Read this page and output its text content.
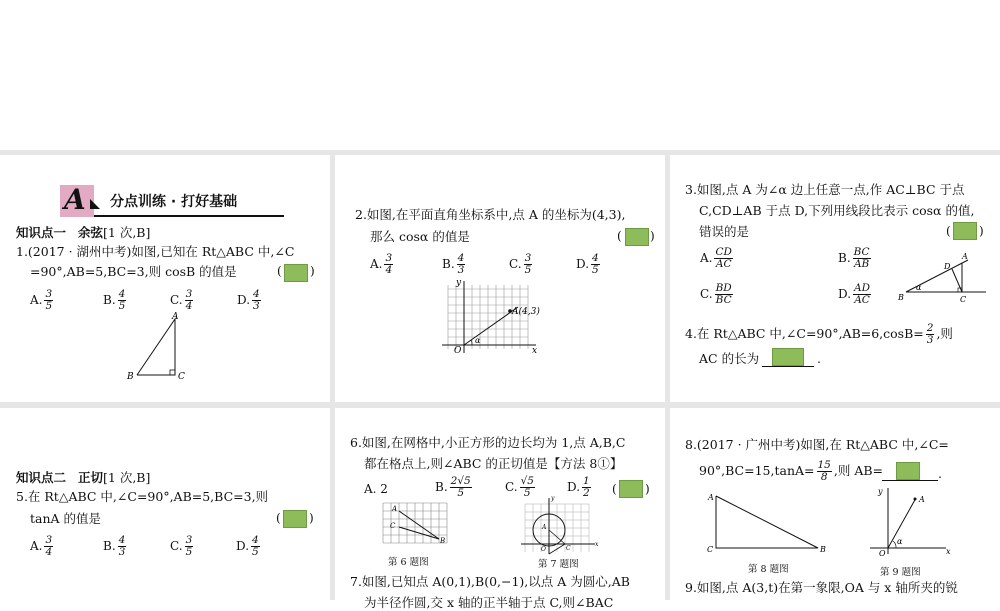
A 分点训练 · 打好基础
知识点一 余弦[1 次,B]
1.(2017 · 湖州中考)如图,已知在 Rt△ABC 中,∠C
=90°,AB=5,BC=3,则 cosB 的值是	( )
A. $\frac{3}{5}$	B. $\frac{4}{5}$	C. $\frac{3}{4}$	D. $\frac{4}{3}$
A
B	C
2.如图,在平面直角坐标系中,点 A 的坐标为(4,3),
那么 cosα 的值是	( )
A. $\frac{3}{4}$	B. $\frac{4}{3}$	C. $\frac{3}{5}$	D. $\frac{4}{5}$
A(4,3)
x
y
O
α
3.如图,点 A 为∠α 边上任意一点,作 AC⊥BC 于点
C,CD⊥AB 于点 D,下列用线段比表示 cosα 的值,
错误的是	( )
A. $\frac{CD}{AC}$	B. $\frac{BC}{AB}$
C. $\frac{BD}{BC}$	D. $\frac{AD}{AC}$
A
D
B	C
α
4.在 Rt△ABC 中,∠C=90°,AB=6,cosB= $\frac{2}{3}$ ,则
AC 的长为	.
知识点二 正切[1 次,B]
5.在 Rt△ABC 中,∠C=90°,AB=5,BC=3,则
tanA 的值是	( )
A. $\frac{3}{4}$	B. $\frac{4}{3}$	C. $\frac{3}{5}$	D. $\frac{4}{5}$
6.如图,在网格中,小正方形的边长均为 1,点 A,B,C
都在格点上,则∠ABC 的正切值是【方法 8①】
A. 2	B. $\frac{2√5}{5}$	C. $\frac{√5}{5}$	D. $\frac{1}{2}$ ( )
A
C
B
第 6 题图
A
C
O
x
y
第 7 题图
7.如图,已知点 A(0,1),B(0,−1),以点 A 为圆心,AB
为半径作圆,交 x 轴的正半轴于点 C,则∠BAC
8.(2017 · 广州中考)如图,在 Rt△ABC 中,∠C=
$90^\circ,BC=15,\tan A= \frac{15}{8}$ ,则 AB=	.
A
C	B
第 8 题图
A
α
O	x
y
第 9 题图
9.如图,点 A(3,t)在第一象限,OA 与 x 轴所夹的锐
